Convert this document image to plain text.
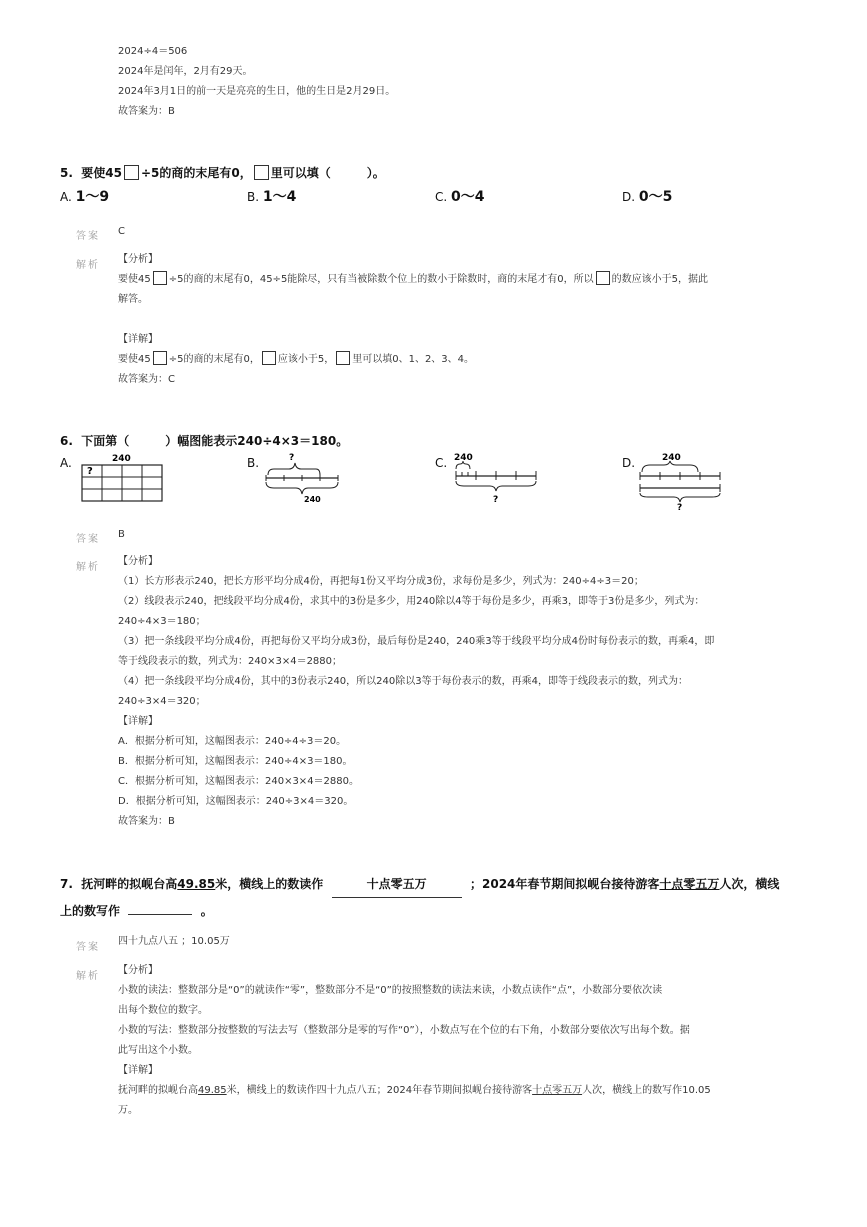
2024÷4＝506
2024年是闰年，2月有29天。
2024年3月1日的前一天是亮亮的生日，他的生日是2月29日。
故答案为：B
5. 要使45 ÷5的商的末尾有0， 里可以填（　　　）。
A. 1～9	B. 1～4	C. 0～4	D. 0～5
答案 C
解析
【分析】
要使45 ÷5的商的末尾有0，45÷5能除尽，只有当被除数个位上的数小于除数时，商的末尾才有0，所以 的数应该小于5，据此
解答。
【详解】
要使45 ÷5的商的末尾有0， 应该小于5， 里可以填0、1、2、3、4。
故答案为：C
6. 下面第（　　　）幅图能表示240÷4×3＝180。
A.	B.	C.	D.
240
?
?
240
240
?
240
?
答案 B
解析
【分析】
（1）长方形表示240，把长方形平均分成4份，再把每1份又平均分成3份，求每份是多少，列式为：240÷4÷3＝20；
（2）线段表示240，把线段平均分成4份，求其中的3份是多少，用240除以4等于每份是多少，再乘3，即等于3份是多少，列式为：
240÷4×3＝180；
（3）把一条线段平均分成4份，再把每份又平均分成3份，最后每份是240，240乘3等于线段平均分成4份时每份表示的数，再乘4，即
等于线段表示的数，列式为：240×3×4＝2880；
（4）把一条线段平均分成4份，其中的3份表示240，所以240除以3等于每份表示的数，再乘4，即等于线段表示的数，列式为：
240÷3×4＝320；
【详解】
A．根据分析可知，这幅图表示：240÷4÷3＝20。
B．根据分析可知，这幅图表示：240÷4×3＝180。
C．根据分析可知，这幅图表示：240×3×4＝2880。
D．根据分析可知，这幅图表示：240÷3×4＝320。
故答案为：B
7. 抚河畔的拟岘台高49.85米，横线上的数读作	十点零五万	；2024年春节期间拟岘台接待游客十点零五万人次，横线
上的数写作	。
答案
四十九点八五 ；10.05万
解析
【分析】
小数的读法：整数部分是“0”的就读作“零”，整数部分不是“0”的按照整数的读法来读，小数点读作“点”，小数部分要依次读
出每个数位的数字。
小数的写法：整数部分按整数的写法去写（整数部分是零的写作“0”），小数点写在个位的右下角，小数部分要依次写出每个数。据
此写出这个小数。
【详解】
抚河畔的拟岘台高49.85米，横线上的数读作四十九点八五；2024年春节期间拟岘台接待游客十点零五万人次，横线上的数写作10.05
万。
